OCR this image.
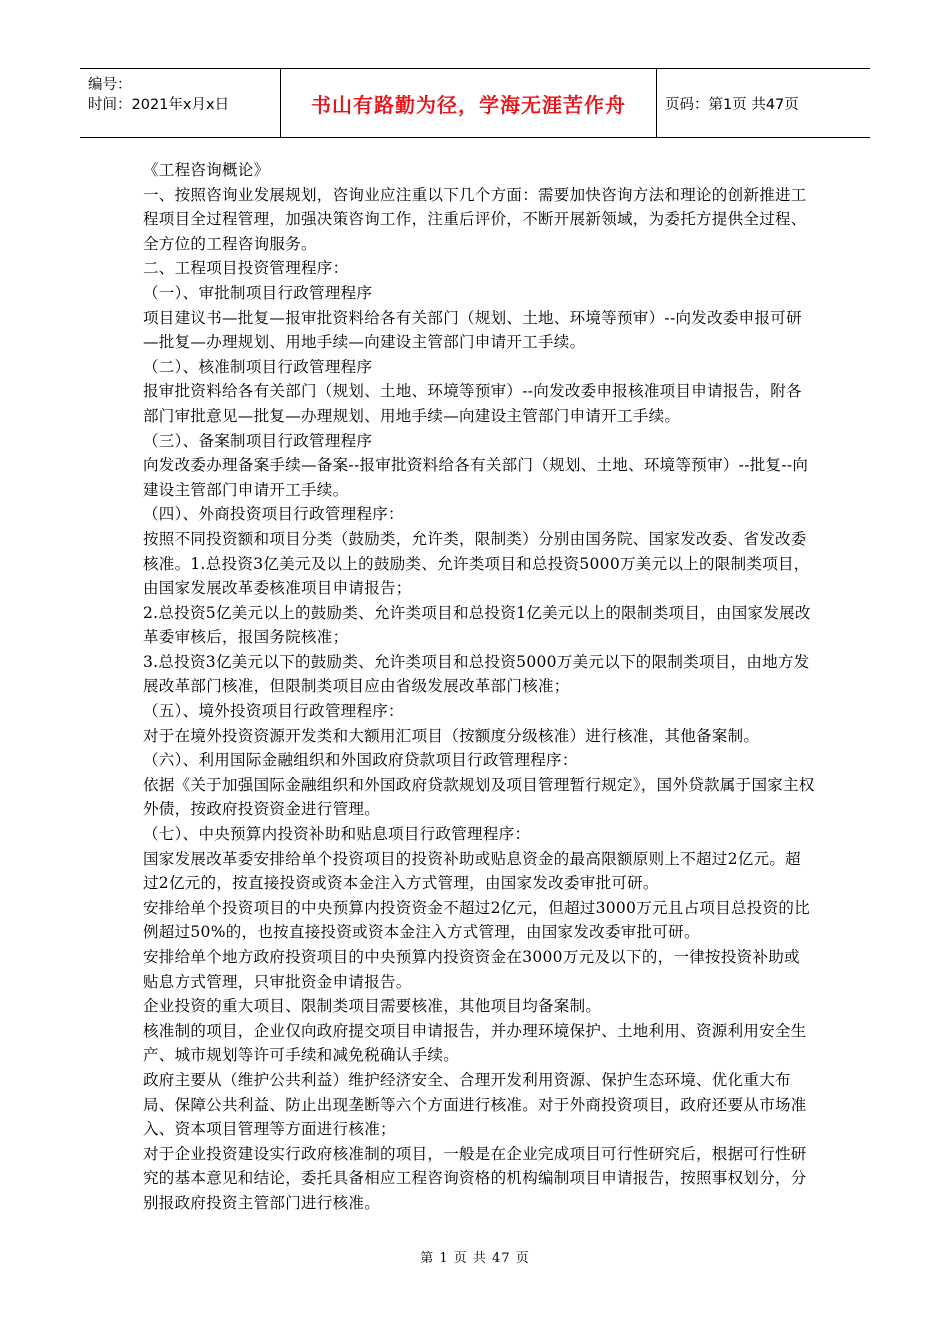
编号：
时间：2021年x月x日	书山有路勤为径，学海无涯苦作舟	页码：第1页 共47页

《工程咨询概论》

一、按照咨询业发展规划，咨询业应注重以下几个方面：需要加快咨询方法和理论的创新推进工程项目全过程管理，加强决策咨询工作，注重后评价，不断开展新领域，为委托方提供全过程、全方位的工程咨询服务。

二、工程项目投资管理程序：

（一）、审批制项目行政管理程序

项目建议书—批复—报审批资料给各有关部门（规划、土地、环境等预审）--向发改委申报可研—批复—办理规划、用地手续—向建设主管部门申请开工手续。

（二）、核准制项目行政管理程序

报审批资料给各有关部门（规划、土地、环境等预审）--向发改委申报核准项目申请报告，附各部门审批意见—批复—办理规划、用地手续—向建设主管部门申请开工手续。

（三）、备案制项目行政管理程序

向发改委办理备案手续—备案--报审批资料给各有关部门（规划、土地、环境等预审）--批复--向建设主管部门申请开工手续。

（四）、外商投资项目行政管理程序：

按照不同投资额和项目分类（鼓励类，允许类，限制类）分别由国务院、国家发改委、省发改委核准。1.总投资3亿美元及以上的鼓励类、允许类项目和总投资5000万美元以上的限制类项目，由国家发展改革委核准项目申请报告；

2.总投资5亿美元以上的鼓励类、允许类项目和总投资1亿美元以上的限制类项目，由国家发展改革委审核后，报国务院核准；

3.总投资3亿美元以下的鼓励类、允许类项目和总投资5000万美元以下的限制类项目，由地方发展改革部门核准，但限制类项目应由省级发展改革部门核准；

（五）、境外投资项目行政管理程序：

对于在境外投资资源开发类和大额用汇项目（按额度分级核准）进行核准，其他备案制。

（六）、利用国际金融组织和外国政府贷款项目行政管理程序：

依据《关于加强国际金融组织和外国政府贷款规划及项目管理暂行规定》，国外贷款属于国家主权外债，按政府投资资金进行管理。

（七）、中央预算内投资补助和贴息项目行政管理程序：

国家发展改革委安排给单个投资项目的投资补助或贴息资金的最高限额原则上不超过2亿元。超过2亿元的，按直接投资或资本金注入方式管理，由国家发改委审批可研。

安排给单个投资项目的中央预算内投资资金不超过2亿元，但超过3000万元且占项目总投资的比例超过50%的，也按直接投资或资本金注入方式管理，由国家发改委审批可研。

安排给单个地方政府投资项目的中央预算内投资资金在3000万元及以下的，一律按投资补助或贴息方式管理，只审批资金申请报告。

企业投资的重大项目、限制类项目需要核准，其他项目均备案制。

核准制的项目，企业仅向政府提交项目申请报告，并办理环境保护、土地利用、资源利用安全生产、城市规划等许可手续和减免税确认手续。

政府主要从（维护公共利益）维护经济安全、合理开发利用资源、保护生态环境、优化重大布局、保障公共利益、防止出现垄断等六个方面进行核准。对于外商投资项目，政府还要从市场准入、资本项目管理等方面进行核准；

对于企业投资建设实行政府核准制的项目，一般是在企业完成项目可行性研究后，根据可行性研究的基本意见和结论，委托具备相应工程咨询资格的机构编制项目申请报告，按照事权划分，分别报政府投资主管部门进行核准。

第 1 页 共 47 页
